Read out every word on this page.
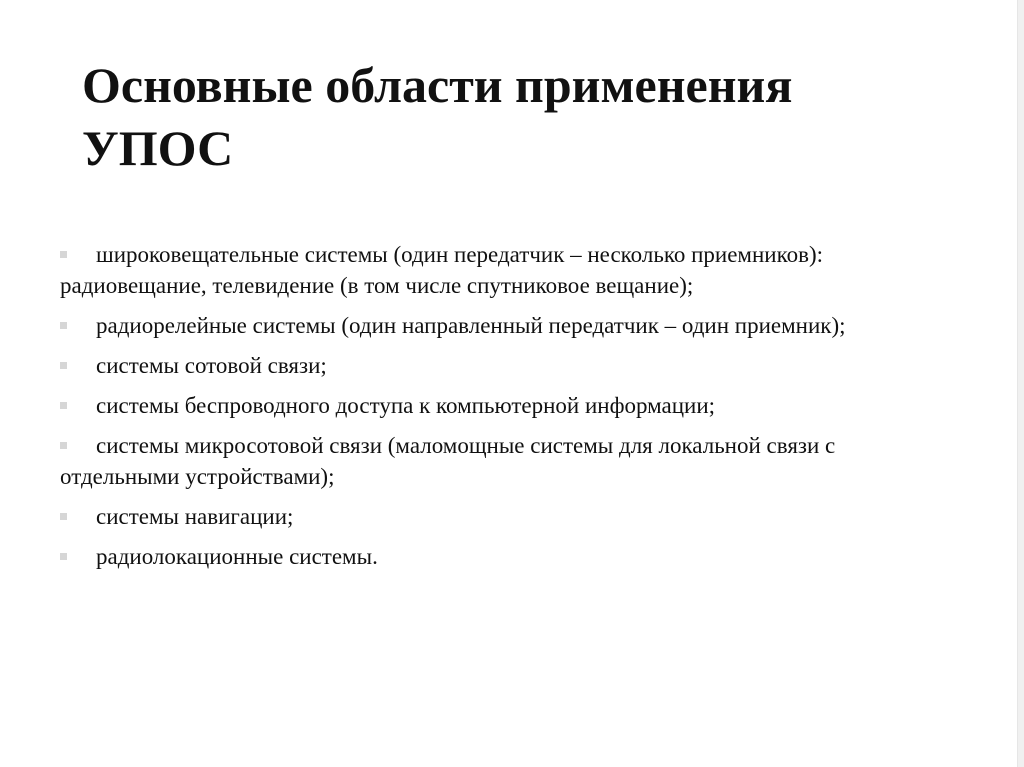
Основные области применения УПОС
широковещательные системы (один передатчик – несколько приемников): радиовещание, телевидение (в том числе спутниковое вещание);
радиорелейные системы (один направленный передатчик – один приемник);
системы сотовой связи;
системы беспроводного доступа к компьютерной информации;
системы микросотовой связи (маломощные системы для локальной связи с отдельными устройствами);
системы навигации;
радиолокационные системы.
